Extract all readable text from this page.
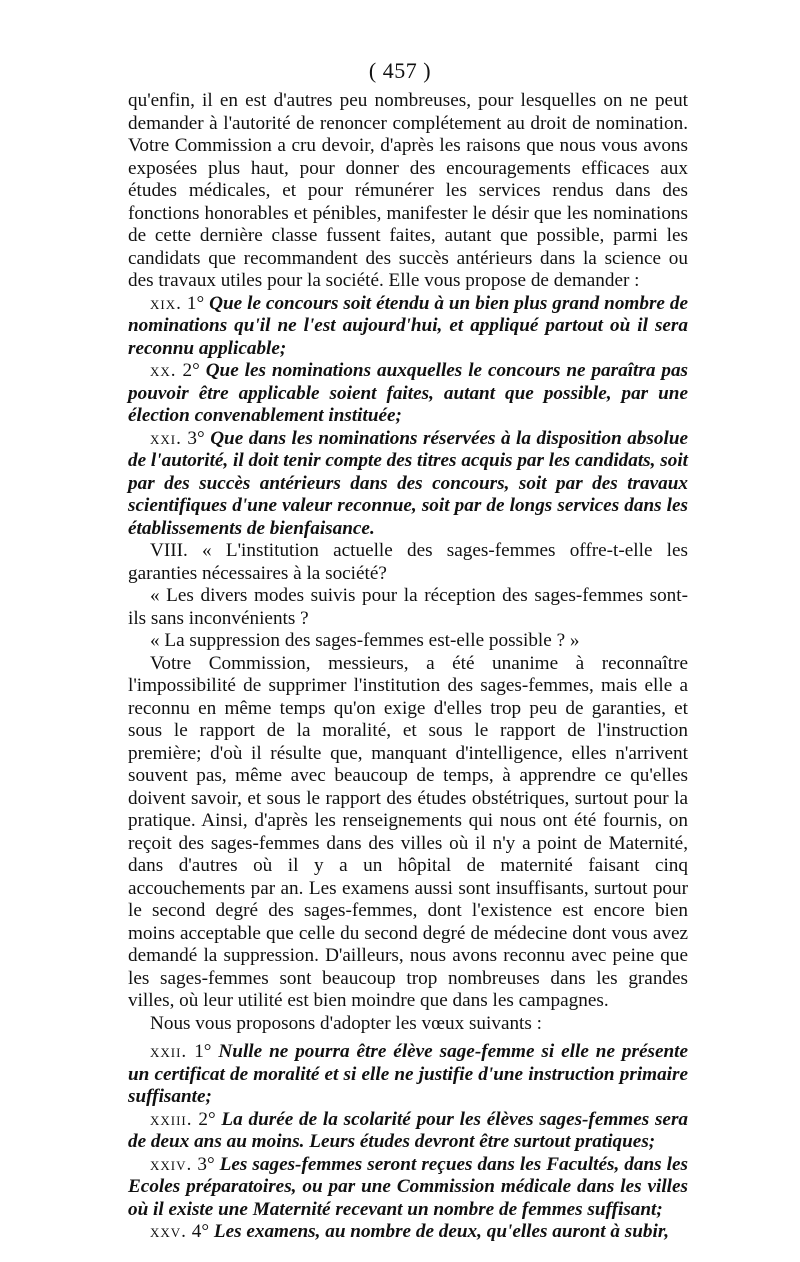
( 457 )

qu'enfin, il en est d'autres peu nombreuses, pour lesquelles on ne peut demander à l'autorité de renoncer complétement au droit de nomination. Votre Commission a cru devoir, d'après les raisons que nous vous avons exposées plus haut, pour donner des encouragements efficaces aux études médicales, et pour rémunérer les services rendus dans des fonctions honorables et pénibles, manifester le désir que les nominations de cette dernière classe fussent faites, autant que possible, parmi les candidats que recommandent des succès antérieurs dans la science ou des travaux utiles pour la société. Elle vous propose de demander :

xix. 1° Que le concours soit étendu à un bien plus grand nombre de nominations qu'il ne l'est aujourd'hui, et appliqué partout où il sera reconnu applicable;

xx. 2° Que les nominations auxquelles le concours ne paraîtra pas pouvoir être applicable soient faites, autant que possible, par une élection convenablement instituée;

xxi. 3° Que dans les nominations réservées à la disposition absolue de l'autorité, il doit tenir compte des titres acquis par les candidats, soit par des succès antérieurs dans des concours, soit par des travaux scientifiques d'une valeur reconnue, soit par de longs services dans les établissements de bienfaisance.

VIII. « L'institution actuelle des sages-femmes offre-t-elle les garanties nécessaires à la société?

« Les divers modes suivis pour la réception des sages-femmes sont-ils sans inconvénients ?

« La suppression des sages-femmes est-elle possible ? »

Votre Commission, messieurs, a été unanime à reconnaître l'impossibilité de supprimer l'institution des sages-femmes, mais elle a reconnu en même temps qu'on exige d'elles trop peu de garanties, et sous le rapport de la moralité, et sous le rapport de l'instruction première; d'où il résulte que, manquant d'intelligence, elles n'arrivent souvent pas, même avec beaucoup de temps, à apprendre ce qu'elles doivent savoir, et sous le rapport des études obstétriques, surtout pour la pratique. Ainsi, d'après les renseignements qui nous ont été fournis, on reçoit des sages-femmes dans des villes où il n'y a point de Maternité, dans d'autres où il y a un hôpital de maternité faisant cinq accouchements par an. Les examens aussi sont insuffisants, surtout pour le second degré des sages-femmes, dont l'existence est encore bien moins acceptable que celle du second degré de médecine dont vous avez demandé la suppression. D'ailleurs, nous avons reconnu avec peine que les sages-femmes sont beaucoup trop nombreuses dans les grandes villes, où leur utilité est bien moindre que dans les campagnes.

Nous vous proposons d'adopter les vœux suivants :

xxii. 1° Nulle ne pourra être élève sage-femme si elle ne présente un certificat de moralité et si elle ne justifie d'une instruction primaire suffisante;

xxiii. 2° La durée de la scolarité pour les élèves sages-femmes sera de deux ans au moins. Leurs études devront être surtout pratiques;

xxiv. 3° Les sages-femmes seront reçues dans les Facultés, dans les Ecoles préparatoires, ou par une Commission médicale dans les villes où il existe une Maternité recevant un nombre de femmes suffisant;

xxv. 4° Les examens, au nombre de deux, qu'elles auront à subir,
